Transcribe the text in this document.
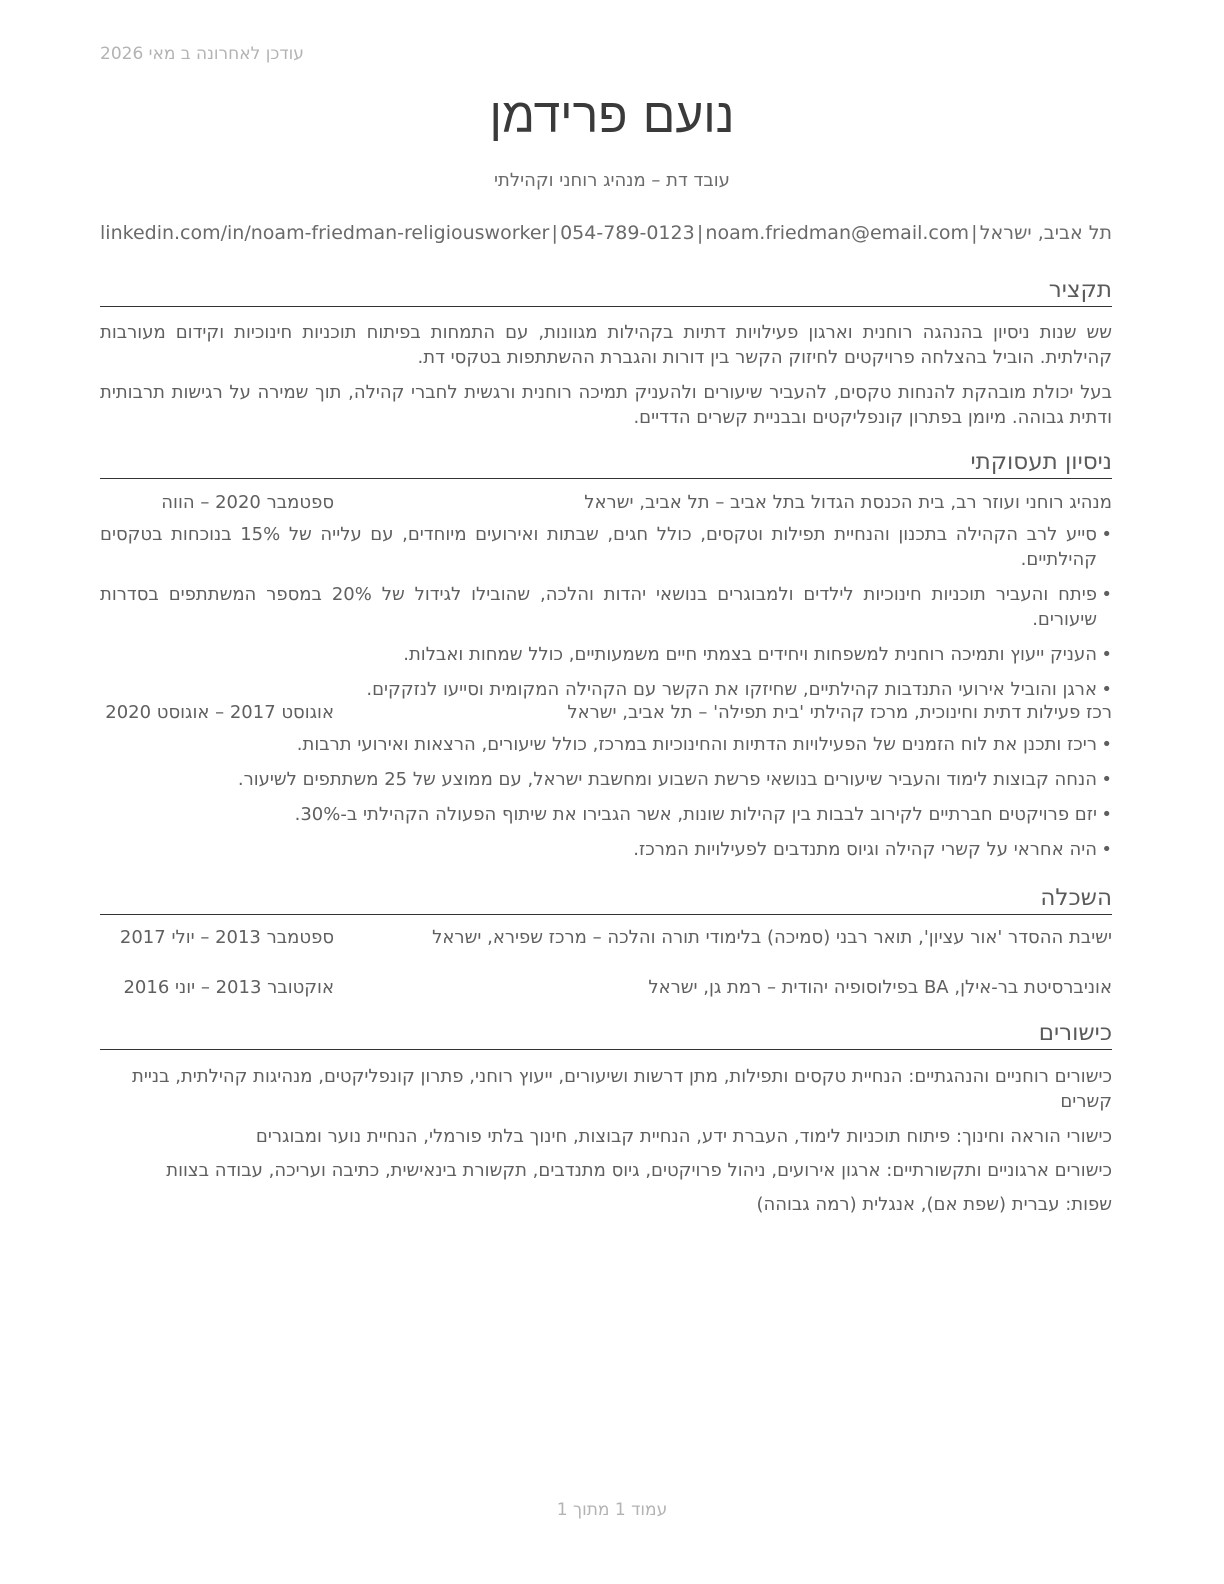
עודכן לאחרונה ב מאי 2026
נועם פרידמן
עובד דת – מנהיג רוחני וקהילתי
תל אביב, ישראל
|
noam.friedman@email.com
|
054-789-0123
|
linkedin.com/in/noam-friedman-religiousworker
תקציר
שש שנות ניסיון בהנהגה רוחנית וארגון פעילויות דתיות בקהילות מגוונות, עם התמחות בפיתוח תוכניות חינוכיות וקידום מעורבות קהילתית. הוביל בהצלחה פרויקטים לחיזוק הקשר בין דורות והגברת ההשתתפות בטקסי דת.
בעל יכולת מובהקת להנחות טקסים, להעביר שיעורים ולהעניק תמיכה רוחנית ורגשית לחברי קהילה, תוך שמירה על רגישות תרבותית ודתית גבוהה. מיומן בפתרון קונפליקטים ובבניית קשרים הדדיים.
ניסיון תעסוקתי
מנהיג רוחני ועוזר רב, בית הכנסת הגדול בתל אביב – תל אביב, ישראל
ספטמבר 2020 – הווה
• סייע לרב הקהילה בתכנון והנחיית תפילות וטקסים, כולל חגים, שבתות ואירועים מיוחדים, עם עלייה של 15% בנוכחות בטקסים קהילתיים.
• פיתח והעביר תוכניות חינוכיות לילדים ולמבוגרים בנושאי יהדות והלכה, שהובילו לגידול של 20% במספר המשתתפים בסדרות שיעורים.
• העניק ייעוץ ותמיכה רוחנית למשפחות ויחידים בצמתי חיים משמעותיים, כולל שמחות ואבלות.
• ארגן והוביל אירועי התנדבות קהילתיים, שחיזקו את הקשר עם הקהילה המקומית וסייעו לנזקקים.
רכז פעילות דתית וחינוכית, מרכז קהילתי 'בית תפילה' – תל אביב, ישראל
אוגוסט 2017 – אוגוסט 2020
• ריכז ותכנן את לוח הזמנים של הפעילויות הדתיות והחינוכיות במרכז, כולל שיעורים, הרצאות ואירועי תרבות.
• הנחה קבוצות לימוד והעביר שיעורים בנושאי פרשת השבוע ומחשבת ישראל, עם ממוצע של 25 משתתפים לשיעור.
• יזם פרויקטים חברתיים לקירוב לבבות בין קהילות שונות, אשר הגבירו את שיתוף הפעולה הקהילתי ב-30%.
• היה אחראי על קשרי קהילה וגיוס מתנדבים לפעילויות המרכז.
השכלה
ישיבת ההסדר 'אור עציון', תואר רבני (סמיכה) בלימודי תורה והלכה – מרכז שפירא, ישראל
ספטמבר 2013 – יולי 2017
אוניברסיטת בר-אילן, BA בפילוסופיה יהודית – רמת גן, ישראל
אוקטובר 2013 – יוני 2016
כישורים
כישורים רוחניים והנהגתיים: הנחיית טקסים ותפילות, מתן דרשות ושיעורים, ייעוץ רוחני, פתרון קונפליקטים, מנהיגות קהילתית, בניית קשרים
כישורי הוראה וחינוך: פיתוח תוכניות לימוד, העברת ידע, הנחיית קבוצות, חינוך בלתי פורמלי, הנחיית נוער ומבוגרים
כישורים ארגוניים ותקשורתיים: ארגון אירועים, ניהול פרויקטים, גיוס מתנדבים, תקשורת בינאישית, כתיבה ועריכה, עבודה בצוות
שפות: עברית (שפת אם), אנגלית (רמה גבוהה)
עמוד 1 מתוך 1
